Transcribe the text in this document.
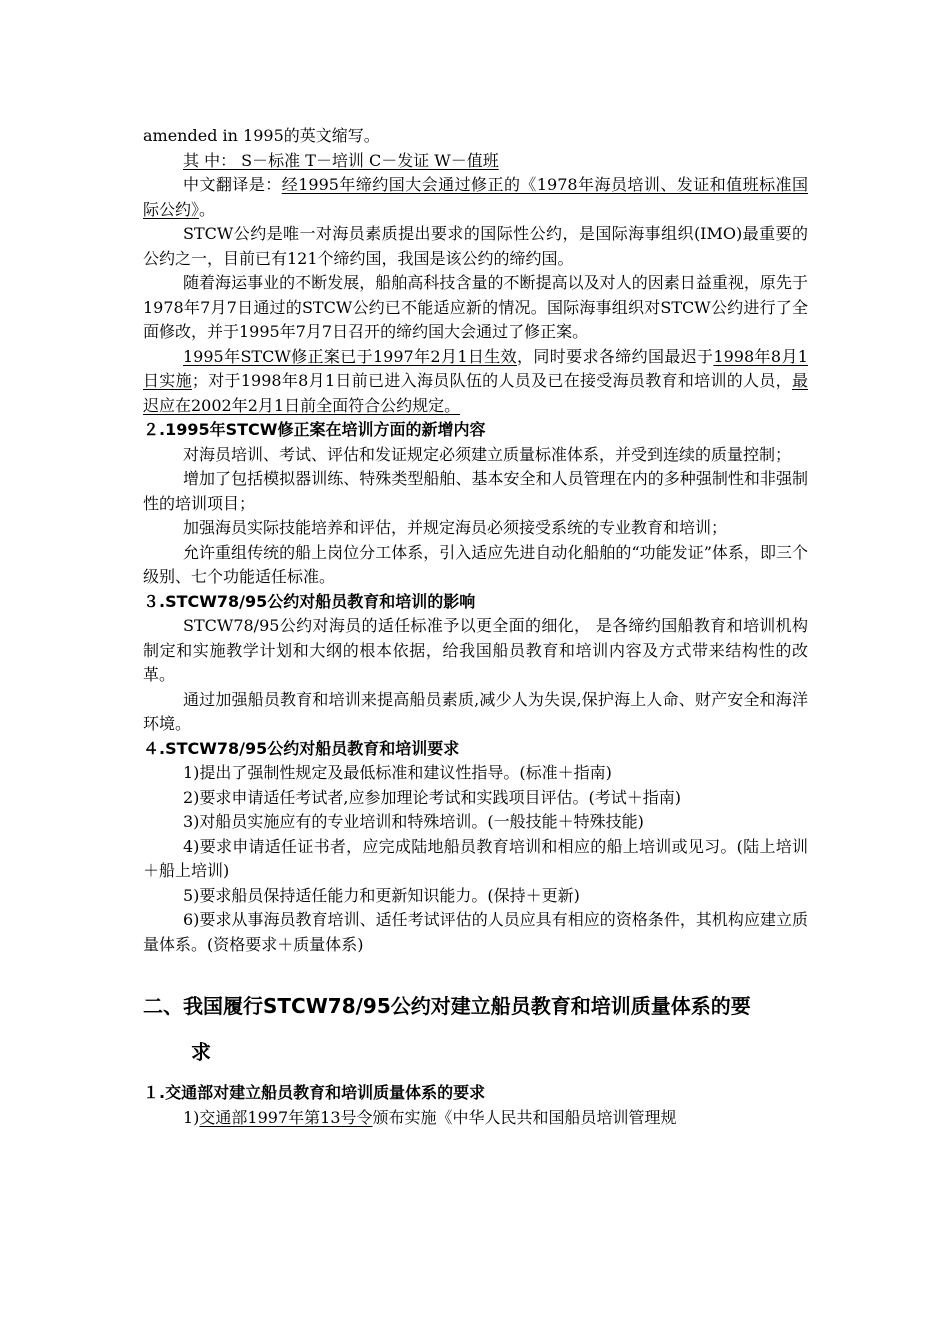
amended in 1995的英文缩写。

其 中： S－标准 T－培训 C－发证 W－值班

中文翻译是：经1995年缔约国大会通过修正的《1978年海员培训、发证和值班标准国际公约》。

STCW公约是唯一对海员素质提出要求的国际性公约，是国际海事组织(IMO)最重要的公约之一，目前已有121个缔约国，我国是该公约的缔约国。

随着海运事业的不断发展，船舶高科技含量的不断提高以及对人的因素日益重视，原先于1978年7月7日通过的STCW公约已不能适应新的情况。国际海事组织对STCW公约进行了全面修改，并于1995年7月7日召开的缔约国大会通过了修正案。

1995年STCW修正案已于1997年2月1日生效，同时要求各缔约国最迟于1998年8月1日实施；对于1998年8月1日前已进入海员队伍的人员及已在接受海员教育和培训的人员，最迟应在2002年2月1日前全面符合公约规定。

２.1995年STCW修正案在培训方面的新增内容

对海员培训、考试、评估和发证规定必须建立质量标准体系，并受到连续的质量控制；

增加了包括模拟器训练、特殊类型船舶、基本安全和人员管理在内的多种强制性和非强制性的培训项目；

加强海员实际技能培养和评估，并规定海员必须接受系统的专业教育和培训；

允许重组传统的船上岗位分工体系，引入适应先进自动化船舶的“功能发证”体系，即三个级别、七个功能适任标准。

３.STCW78/95公约对船员教育和培训的影响

STCW78/95公约对海员的适任标准予以更全面的细化， 是各缔约国船教育和培训机构制定和实施教学计划和大纲的根本依据，给我国船员教育和培训内容及方式带来结构性的改革。

通过加强船员教育和培训来提高船员素质,减少人为失误,保护海上人命、财产安全和海洋环境。

４.STCW78/95公约对船员教育和培训要求

1)提出了强制性规定及最低标准和建议性指导。(标准＋指南)

2)要求申请适任考试者,应参加理论考试和实践项目评估。(考试＋指南)

3)对船员实施应有的专业培训和特殊培训。(一般技能＋特殊技能)

4)要求申请适任证书者，应完成陆地船员教育培训和相应的船上培训或见习。(陆上培训＋船上培训)

5)要求船员保持适任能力和更新知识能力。(保持＋更新)

6)要求从事海员教育培训、适任考试评估的人员应具有相应的资格条件，其机构应建立质量体系。(资格要求＋质量体系)

二、我国履行STCW78/95公约对建立船员教育和培训质量体系的要
求

１.交通部对建立船员教育和培训质量体系的要求

1)交通部1997年第13号令颁布实施《中华人民共和国船员培训管理规
